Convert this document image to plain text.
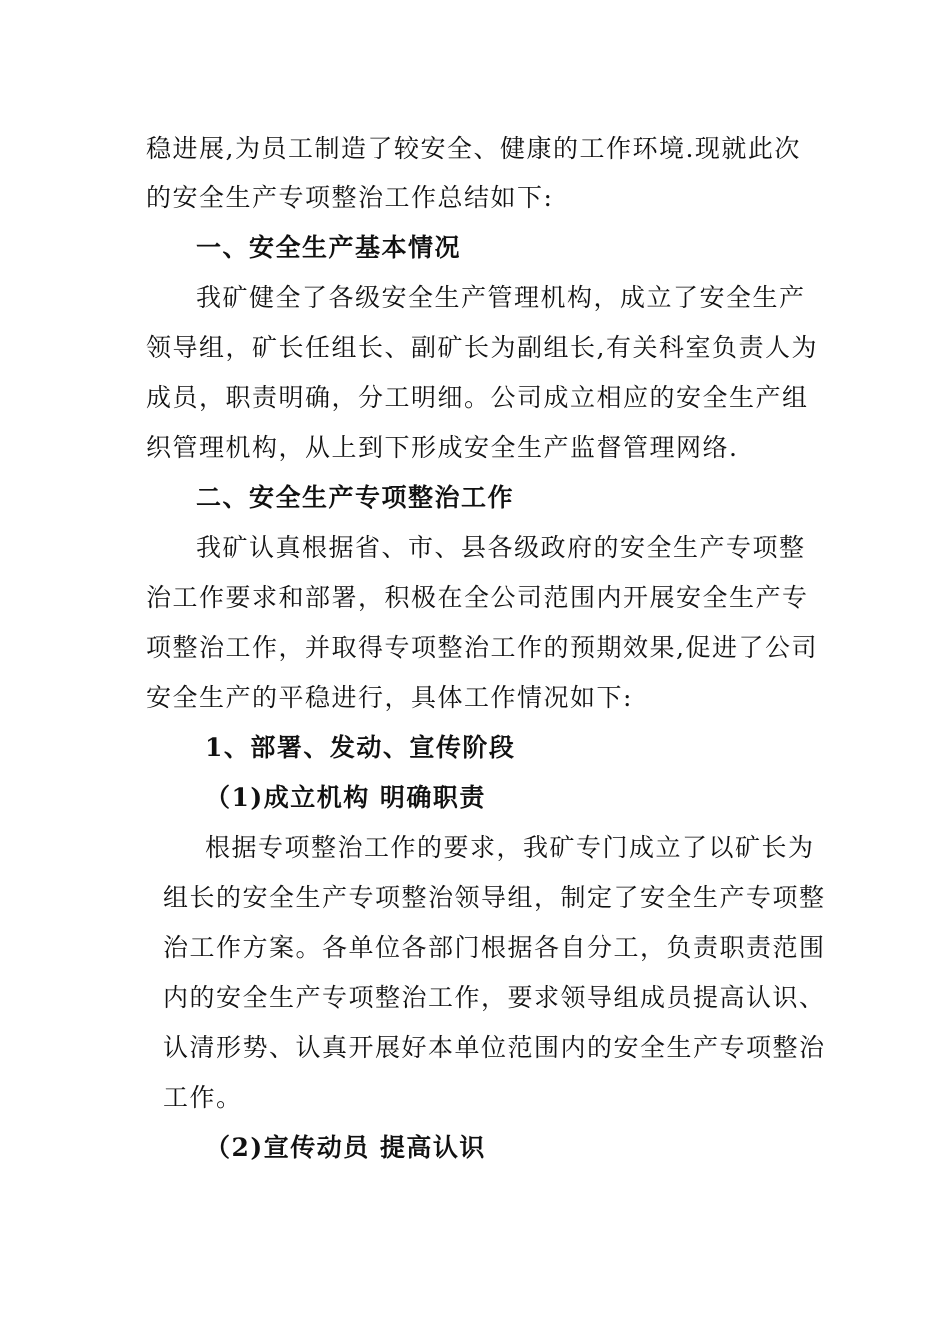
稳进展,为员工制造了较安全、健康的工作环境.现就此次
的安全生产专项整治工作总结如下:
一、安全生产基本情况
我矿健全了各级安全生产管理机构，成立了安全生产
领导组，矿长任组长、副矿长为副组长,有关科室负责人为
成员，职责明确，分工明细。公司成立相应的安全生产组
织管理机构，从上到下形成安全生产监督管理网络.
二、安全生产专项整治工作
我矿认真根据省、市、县各级政府的安全生产专项整
治工作要求和部署，积极在全公司范围内开展安全生产专
项整治工作，并取得专项整治工作的预期效果,促进了公司
安全生产的平稳进行，具体工作情况如下:
1、部署、发动、宣传阶段
（1)成立机构 明确职责
根据专项整治工作的要求，我矿专门成立了以矿长为
组长的安全生产专项整治领导组，制定了安全生产专项整
治工作方案。各单位各部门根据各自分工，负责职责范围
内的安全生产专项整治工作，要求领导组成员提高认识、
认清形势、认真开展好本单位范围内的安全生产专项整治
工作。
（2)宣传动员 提高认识
